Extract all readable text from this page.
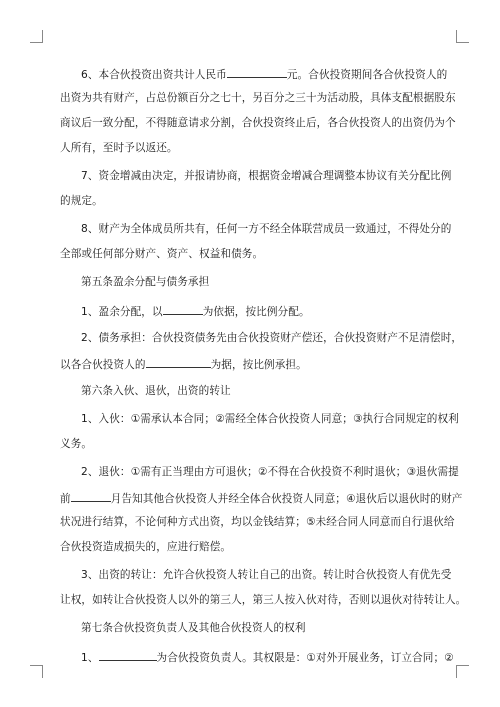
6、本合伙投资出资共计人民币	元。合伙投资期间各合伙投资人的

出资为共有财产，占总份额百分之七十，另百分之三十为活动股，具体支配根据股东

商议后一致分配，不得随意请求分割，合伙投资终止后，各合伙投资人的出资仍为个

人所有，至时予以返还。

7、资金增减由决定，并报请协商，根据资金增减合理调整本协议有关分配比例

的规定。

8、财产为全体成员所共有，任何一方不经全体联营成员一致通过，不得处分的

全部或任何部分财产、资产、权益和债务。

第五条盈余分配与债务承担

1、盈余分配，以	为依据，按比例分配。

2、债务承担：合伙投资债务先由合伙投资财产偿还，合伙投资财产不足清偿时，

以各合伙投资人的	为据，按比例承担。

第六条入伙、退伙，出资的转让

1、入伙：①需承认本合同；②需经全体合伙投资人同意；③执行合同规定的权利

义务。

2、退伙：①需有正当理由方可退伙；②不得在合伙投资不利时退伙；③退伙需提

前	月告知其他合伙投资人并经全体合伙投资人同意；④退伙后以退伙时的财产

状况进行结算，不论何种方式出资，均以金钱结算；⑤未经合同人同意而自行退伙给

合伙投资造成损失的，应进行赔偿。

3、出资的转让：允许合伙投资人转让自己的出资。转让时合伙投资人有优先受

让权，如转让合伙投资人以外的第三人，第三人按入伙对待，否则以退伙对待转让人。

第七条合伙投资负责人及其他合伙投资人的权利

1、	为合伙投资负责人。其权限是：①对外开展业务，订立合同；②
